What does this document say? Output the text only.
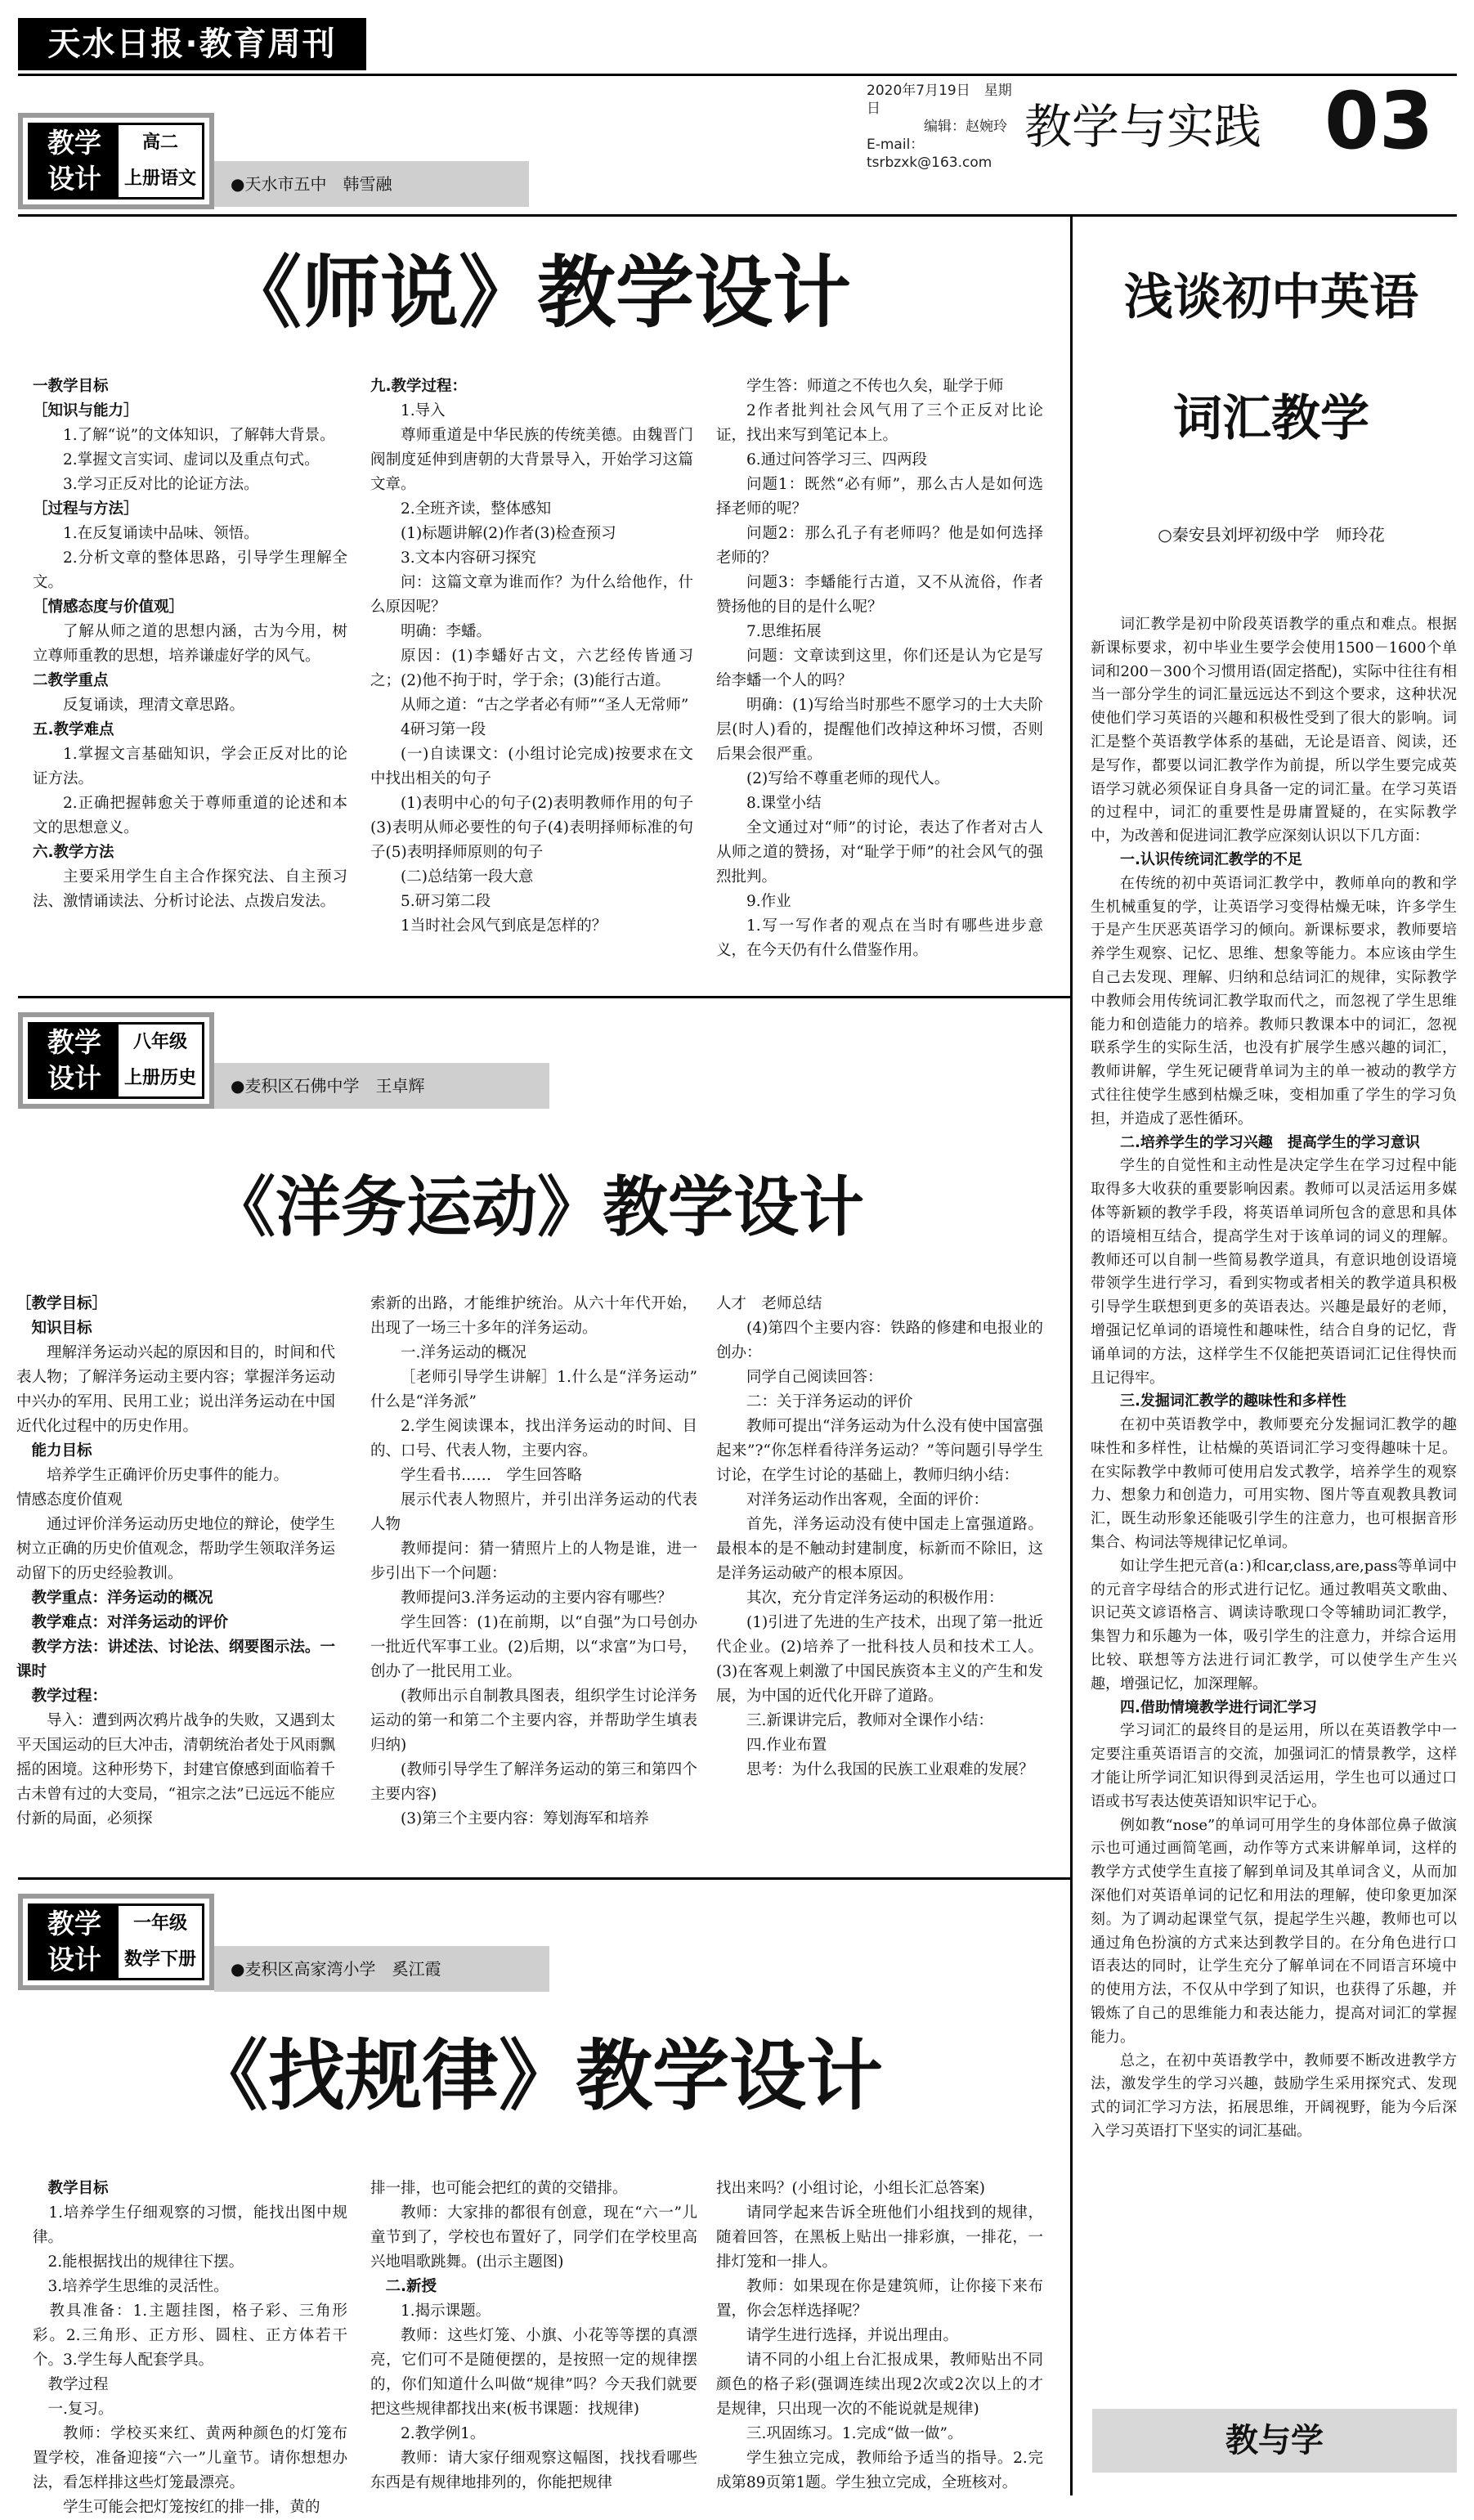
天水日报·教育周刊
2020年7月19日　星期日
编辑：赵婉玲
E-mail：tsrbzxk@163.com
教学与实践 03
教学
设计
高二
上册语文	●天水市五中　韩雪融
《师说》教学设计

一教学目标

［知识与能力］

1.了解“说”的文体知识，了解韩大背景。

2.掌握文言实词、虚词以及重点句式。

3.学习正反对比的论证方法。

［过程与方法］

1.在反复诵读中品味、领悟。

2.分析文章的整体思路，引导学生理解全文。

［情感态度与价值观］

了解从师之道的思想内涵，古为今用，树立尊师重教的思想，培养谦虚好学的风气。

二教学重点

反复诵读，理清文章思路。

五.教学难点

1.掌握文言基础知识，学会正反对比的论证方法。

2.正确把握韩愈关于尊师重道的论述和本文的思想意义。

六.教学方法

主要采用学生自主合作探究法、自主预习法、激情诵读法、分析讨论法、点拨启发法。

九.教学过程：

1.导入

尊师重道是中华民族的传统美德。由魏晋门阀制度延伸到唐朝的大背景导入，开始学习这篇文章。

2.全班齐读，整体感知

(1)标题讲解(2)作者(3)检查预习

3.文本内容研习探究

问：这篇文章为谁而作？为什么给他作，什么原因呢？

明确：李蟠。

原因：(1)李蟠好古文，六艺经传皆通习之；(2)他不拘于时，学于余；(3)能行古道。

从师之道：“古之学者必有师”“圣人无常师”

4研习第一段

(一)自读课文：(小组讨论完成)按要求在文中找出相关的句子

(1)表明中心的句子(2)表明教师作用的句子(3)表明从师必要性的句子(4)表明择师标准的句子(5)表明择师原则的句子

(二)总结第一段大意

5.研习第二段

1当时社会风气到底是怎样的？

学生答：师道之不传也久矣，耻学于师

2作者批判社会风气用了三个正反对比论证，找出来写到笔记本上。

6.通过问答学习三、四两段

问题1：既然“必有师”，那么古人是如何选择老师的呢？

问题2：那么孔子有老师吗？他是如何选择老师的？

问题3：李蟠能行古道，又不从流俗，作者赞扬他的目的是什么呢？

7.思维拓展

问题：文章读到这里，你们还是认为它是写给李蟠一个人的吗？

明确：(1)写给当时那些不愿学习的士大夫阶层(时人)看的，提醒他们改掉这种坏习惯，否则后果会很严重。

(2)写给不尊重老师的现代人。

8.课堂小结

全文通过对“师”的讨论，表达了作者对古人从师之道的赞扬，对“耻学于师”的社会风气的强烈批判。

9.作业

1.写一写作者的观点在当时有哪些进步意义，在今天仍有什么借鉴作用。

教学
设计
八年级
上册历史	●麦积区石佛中学　王卓辉
《洋务运动》教学设计

［教学目标］

　知识目标

理解洋务运动兴起的原因和目的，时间和代表人物；了解洋务运动主要内容；掌握洋务运动中兴办的军用、民用工业；说出洋务运动在中国近代化过程中的历史作用。

　能力目标

培养学生正确评价历史事件的能力。

情感态度价值观

通过评价洋务运动历史地位的辩论，使学生树立正确的历史价值观念，帮助学生领取洋务运动留下的历史经验教训。

　教学重点：洋务运动的概况

　教学难点：对洋务运动的评价

　教学方法：讲述法、讨论法、纲要图示法。一课时

　教学过程：

导入：遭到两次鸦片战争的失败，又遇到太平天国运动的巨大冲击，清朝统治者处于风雨飘摇的困境。这种形势下，封建官僚感到面临着千古未曾有过的大变局，“祖宗之法”已远远不能应付新的局面，必须探

索新的出路，才能维护统治。从六十年代开始，出现了一场三十多年的洋务运动。

一.洋务运动的概况

［老师引导学生讲解］1.什么是“洋务运动”　什么是“洋务派”

2.学生阅读课本，找出洋务运动的时间、目的、口号、代表人物，主要内容。

学生看书……　学生回答略

展示代表人物照片，并引出洋务运动的代表人物

教师提问：猜一猜照片上的人物是谁，进一步引出下一个问题：

教师提问3.洋务运动的主要内容有哪些？

学生回答：(1)在前期，以“自强”为口号创办一批近代军事工业。(2)后期，以“求富”为口号，创办了一批民用工业。

(教师出示自制教具图表，组织学生讨论洋务运动的第一和第二个主要内容，并帮助学生填表归纳)

(教师引导学生了解洋务运动的第三和第四个主要内容)

(3)第三个主要内容：筹划海军和培养

人才　老师总结

(4)第四个主要内容：铁路的修建和电报业的创办：

同学自己阅读回答：

二：关于洋务运动的评价

教师可提出“洋务运动为什么没有使中国富强起来”?“你怎样看待洋务运动？”等问题引导学生讨论，在学生讨论的基础上，教师归纳小结：

对洋务运动作出客观，全面的评价：

首先，洋务运动没有使中国走上富强道路。最根本的是不触动封建制度，标新而不除旧，这是洋务运动破产的根本原因。

其次，充分肯定洋务运动的积极作用：

(1)引进了先进的生产技术，出现了第一批近代企业。(2)培养了一批科技人员和技术工人。(3)在客观上刺激了中国民族资本主义的产生和发展，为中国的近代化开辟了道路。

三.新课讲完后，教师对全课作小结：

四.作业布置

思考：为什么我国的民族工业艰难的发展？

教学
设计
一年级
数学下册	●麦积区高家湾小学　奚江霞
《找规律》教学设计

　教学目标

　1.培养学生仔细观察的习惯，能找出图中规律。

　2.能根据找出的规律往下摆。

　3.培养学生思维的灵活性。

　教具准备：1.主题挂图，格子彩、三角形彩。2.三角形、正方形、圆柱、正方体若干个。3.学生每人配套学具。

　教学过程

　一.复习。

教师：学校买来红、黄两种颜色的灯笼布置学校，准备迎接“六一”儿童节。请你想想办法，看怎样排这些灯笼最漂亮。

学生可能会把灯笼按红的排一排，黄的

排一排，也可能会把红的黄的交错排。

教师：大家排的都很有创意，现在“六一”儿童节到了，学校也布置好了，同学们在学校里高兴地唱歌跳舞。(出示主题图)

　二.新授

1.揭示课题。

教师：这些灯笼、小旗、小花等等摆的真漂亮，它们可不是随便摆的，是按照一定的规律摆的，你们知道什么叫做“规律”吗？今天我们就要把这些规律都找出来(板书课题：找规律)

2.教学例1。

教师：请大家仔细观察这幅图，找找看哪些东西是有规律地排列的，你能把规律

找出来吗？(小组讨论，小组长汇总答案)

请同学起来告诉全班他们小组找到的规律，随着回答，在黑板上贴出一排彩旗，一排花，一排灯笼和一排人。

教师：如果现在你是建筑师，让你接下来布置，你会怎样选择呢？

请学生进行选择，并说出理由。

请不同的小组上台汇报成果，教师贴出不同颜色的格子彩(强调连续出现2次或2次以上的才是规律，只出现一次的不能说就是规律)

三.巩固练习。1.完成“做一做”。

学生独立完成，教师给予适当的指导。2.完成第89页第1题。学生独立完成，全班核对。

浅谈初中英语
词汇教学
○秦安县刘坪初级中学　师玲花

词汇教学是初中阶段英语教学的重点和难点。根据新课标要求，初中毕业生要学会使用1500－1600个单词和200－300个习惯用语(固定搭配)，实际中往往有相当一部分学生的词汇量远远达不到这个要求，这种状况使他们学习英语的兴趣和积极性受到了很大的影响。词汇是整个英语教学体系的基础，无论是语音、阅读，还是写作，都要以词汇教学作为前提，所以学生要完成英语学习就必须保证自身具备一定的词汇量。在学习英语的过程中，词汇的重要性是毋庸置疑的，在实际教学中，为改善和促进词汇教学应深刻认识以下几方面：

一.认识传统词汇教学的不足

在传统的初中英语词汇教学中，教师单向的教和学生机械重复的学，让英语学习变得枯燥无味，许多学生于是产生厌恶英语学习的倾向。新课标要求，教师要培养学生观察、记忆、思维、想象等能力。本应该由学生自己去发现、理解、归纳和总结词汇的规律，实际教学中教师会用传统词汇教学取而代之，而忽视了学生思维能力和创造能力的培养。教师只教课本中的词汇，忽视联系学生的实际生活，也没有扩展学生感兴趣的词汇，教师讲解，学生死记硬背单词为主的单一被动的教学方式往往使学生感到枯燥乏味，变相加重了学生的学习负担，并造成了恶性循环。

二.培养学生的学习兴趣　提高学生的学习意识

学生的自觉性和主动性是决定学生在学习过程中能取得多大收获的重要影响因素。教师可以灵活运用多媒体等新颖的教学手段，将英语单词所包含的意思和具体的语境相互结合，提高学生对于该单词的词义的理解。教师还可以自制一些简易教学道具，有意识地创设语境带领学生进行学习，看到实物或者相关的教学道具积极引导学生联想到更多的英语表达。兴趣是最好的老师，增强记忆单词的语境性和趣味性，结合自身的记忆，背诵单词的方法，这样学生不仅能把英语词汇记住得快而且记得牢。

三.发掘词汇教学的趣味性和多样性

在初中英语教学中，教师要充分发掘词汇教学的趣味性和多样性，让枯燥的英语词汇学习变得趣味十足。在实际教学中教师可使用启发式教学，培养学生的观察力、想象力和创造力，可用实物、图片等直观教具教词汇，既生动形象还能吸引学生的注意力，也可根据音形集合、构词法等规律记忆单词。

如让学生把元音(a：)和car,class,are,pass等单词中的元音字母结合的形式进行记忆。通过教唱英文歌曲、识记英文谚语格言、调读诗歌现口令等辅助词汇教学，集智力和乐趣为一体，吸引学生的注意力，并综合运用比较、联想等方法进行词汇教学，可以使学生产生兴趣，增强记忆，加深理解。

四.借助情境教学进行词汇学习

学习词汇的最终目的是运用，所以在英语教学中一定要注重英语语言的交流，加强词汇的情景教学，这样才能让所学词汇知识得到灵活运用，学生也可以通过口语或书写表达使英语知识牢记于心。

例如教“nose”的单词可用学生的身体部位鼻子做演示也可通过画简笔画，动作等方式来讲解单词，这样的教学方式使学生直接了解到单词及其单词含义，从而加深他们对英语单词的记忆和用法的理解，使印象更加深刻。为了调动起课堂气氛，提起学生兴趣，教师也可以通过角色扮演的方式来达到教学目的。在分角色进行口语表达的同时，让学生充分了解单词在不同语言环境中的使用方法，不仅从中学到了知识，也获得了乐趣，并锻炼了自己的思维能力和表达能力，提高对词汇的掌握能力。

总之，在初中英语教学中，教师要不断改进教学方法，激发学生的学习兴趣，鼓励学生采用探究式、发现式的词汇学习方法，拓展思维，开阔视野，能为今后深入学习英语打下坚实的词汇基础。

教与学
